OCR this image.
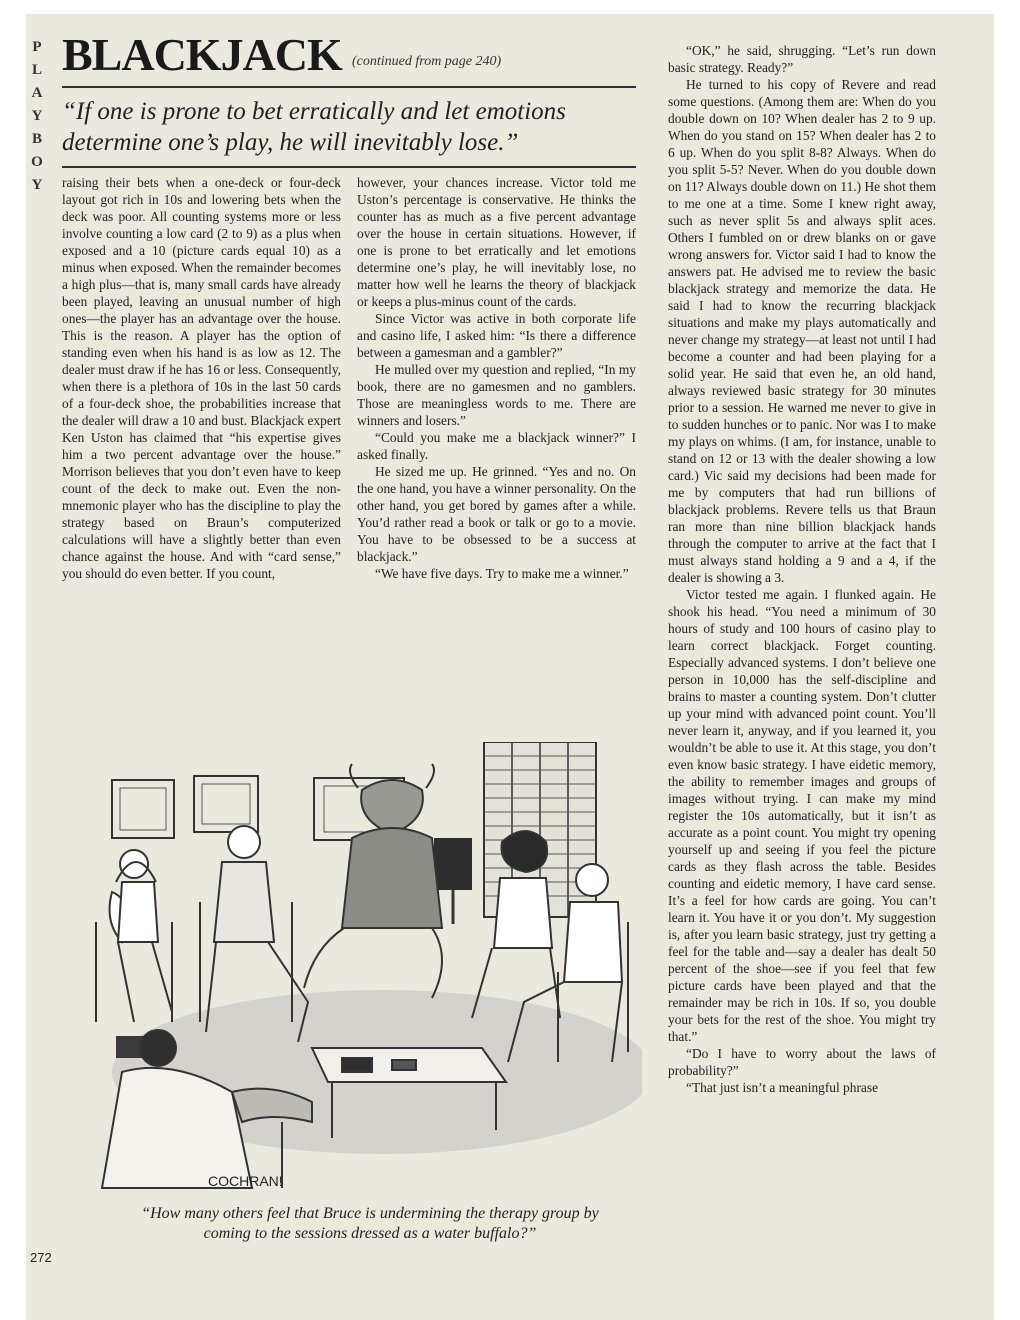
P
L
A
Y
B
O
Y
BLACKJACK (continued from page 240)
“If one is prone to bet erratically and let emotions determine one’s play, he will inevitably lose.”

raising their bets when a one-deck or four-deck layout got rich in 10s and lowering bets when the deck was poor. All counting systems more or less involve counting a low card (2 to 9) as a plus when exposed and a 10 (picture cards equal 10) as a minus when exposed. When the remainder becomes a high plus—that is, many small cards have already been played, leaving an unusual number of high ones—the player has an advantage over the house. This is the reason. A player has the option of standing even when his hand is as low as 12. The dealer must draw if he has 16 or less. Consequently, when there is a plethora of 10s in the last 50 cards of a four-deck shoe, the probabilities increase that the dealer will draw a 10 and bust. Blackjack expert Ken Uston has claimed that “his expertise gives him a two percent advantage over the house.” Morrison believes that you don’t even have to keep count of the deck to make out. Even the non-mnemonic player who has the discipline to play the strategy based on Braun’s computerized calculations will have a slightly better than even chance against the house. And with “card sense,” you should do even better. If you count,

however, your chances increase. Victor told me Uston’s percentage is conservative. He thinks the counter has as much as a five percent advantage over the house in certain situations. However, if one is prone to bet erratically and let emotions determine one’s play, he will inevitably lose, no matter how well he learns the theory of blackjack or keeps a plus-minus count of the cards.

Since Victor was active in both corporate life and casino life, I asked him: “Is there a difference between a gamesman and a gambler?”

He mulled over my question and replied, “In my book, there are no gamesmen and no gamblers. Those are meaningless words to me. There are winners and losers.”

“Could you make me a blackjack winner?” I asked finally.

He sized me up. He grinned. “Yes and no. On the one hand, you have a winner personality. On the other hand, you get bored by games after a while. You’d rather read a book or talk or go to a movie. You have to be obsessed to be a success at blackjack.”

“We have five days. Try to make me a winner.”

“OK,” he said, shrugging. “Let’s run down basic strategy. Ready?”

He turned to his copy of Revere and read some questions. (Among them are: When do you double down on 10? When dealer has 2 to 9 up. When do you stand on 15? When dealer has 2 to 6 up. When do you split 8-8? Always. When do you split 5-5? Never. When do you double down on 11? Always double down on 11.) He shot them to me one at a time. Some I knew right away, such as never split 5s and always split aces. Others I fumbled on or drew blanks on or gave wrong answers for. Victor said I had to know the answers pat. He advised me to review the basic blackjack strategy and memorize the data. He said I had to know the recurring blackjack situations and make my plays automatically and never change my strategy—at least not until I had become a counter and had been playing for a solid year. He said that even he, an old hand, always reviewed basic strategy for 30 minutes prior to a session. He warned me never to give in to sudden hunches or to panic. Nor was I to make my plays on whims. (I am, for instance, unable to stand on 12 or 13 with the dealer showing a low card.) Vic said my decisions had been made for me by computers that had run billions of blackjack problems. Revere tells us that Braun ran more than nine billion blackjack hands through the computer to arrive at the fact that I must always stand holding a 9 and a 4, if the dealer is showing a 3.

Victor tested me again. I flunked again. He shook his head. “You need a minimum of 30 hours of study and 100 hours of casino play to learn correct blackjack. Forget counting. Especially advanced systems. I don’t believe one person in 10,000 has the self-discipline and brains to master a counting system. Don’t clutter up your mind with advanced point count. You’ll never learn it, anyway, and if you learned it, you wouldn’t be able to use it. At this stage, you don’t even know basic strategy. I have eidetic memory, the ability to remember images and groups of images without trying. I can make my mind register the 10s automatically, but it isn’t as accurate as a point count. You might try opening yourself up and seeing if you feel the picture cards as they flash across the table. Besides counting and eidetic memory, I have card sense. It’s a feel for how cards are going. You can’t learn it. You have it or you don’t. My suggestion is, after you learn basic strategy, just try getting a feel for the table and—say a dealer has dealt 50 percent of the shoe—see if you feel that few picture cards have been played and that the remainder may be rich in 10s. If so, you double your bets for the rest of the shoe. You might try that.”

“Do I have to worry about the laws of probability?”

“That just isn’t a meaningful phrase

COCHRAN!
“How many others feel that Bruce is undermining the therapy group by coming to the sessions dressed as a water buffalo?”
272
